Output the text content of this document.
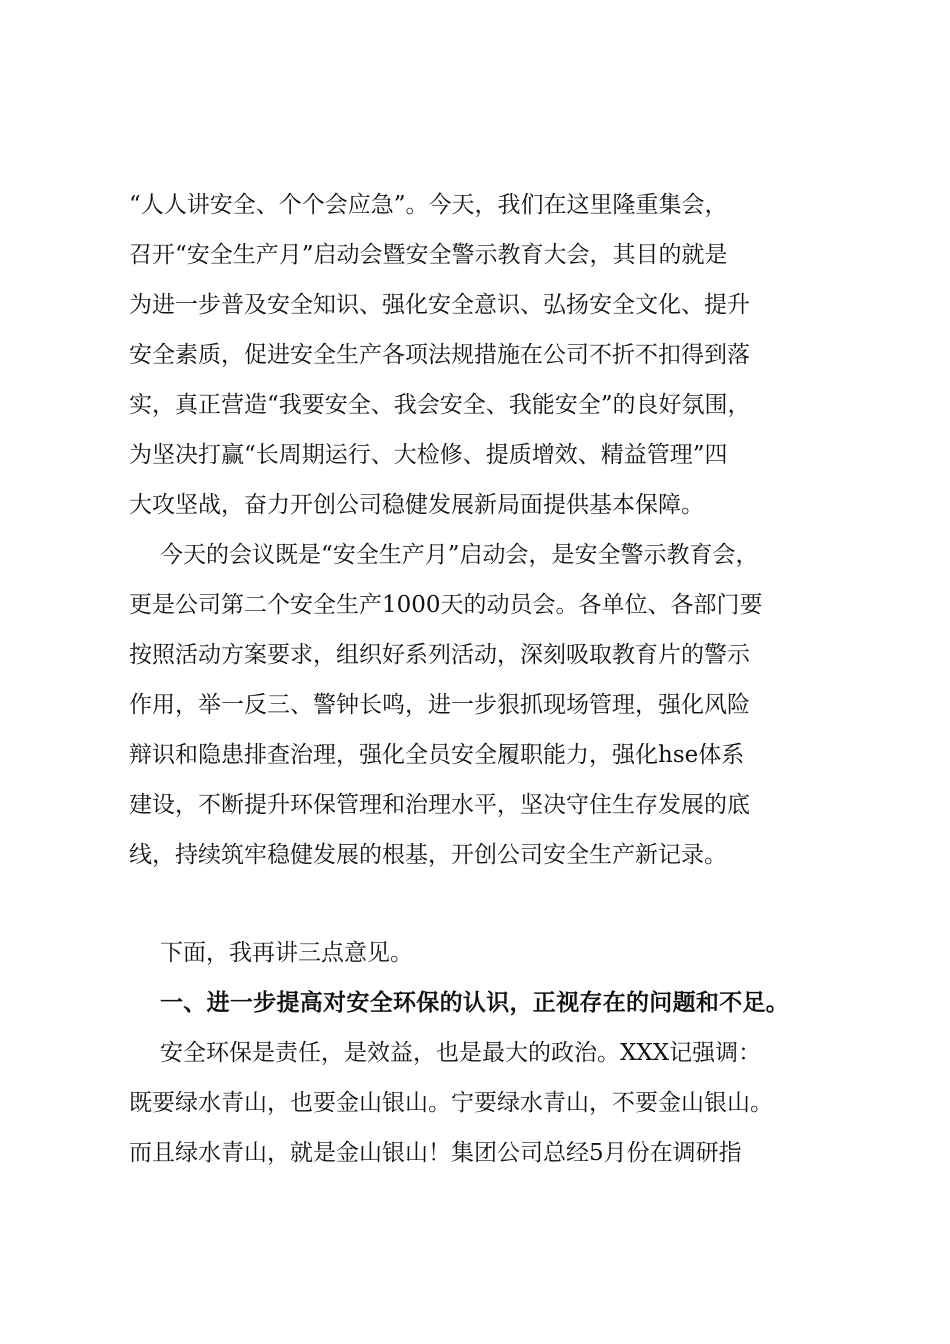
“人人讲安全、个个会应急”。今天，我们在这里隆重集会，
召开“安全生产月”启动会暨安全警示教育大会，其目的就是
为进一步普及安全知识、强化安全意识、弘扬安全文化、提升
安全素质，促进安全生产各项法规措施在公司不折不扣得到落
实，真正营造“我要安全、我会安全、我能安全”的良好氛围，
为坚决打赢“长周期运行、大检修、提质增效、精益管理”四
大攻坚战，奋力开创公司稳健发展新局面提供基本保障。
今天的会议既是“安全生产月”启动会，是安全警示教育会，
更是公司第二个安全生产1000天的动员会。各单位、各部门要
按照活动方案要求，组织好系列活动，深刻吸取教育片的警示
作用，举一反三、警钟长鸣，进一步狠抓现场管理，强化风险
辩识和隐患排查治理，强化全员安全履职能力，强化hse体系
建设，不断提升环保管理和治理水平，坚决守住生存发展的底
线，持续筑牢稳健发展的根基，开创公司安全生产新记录。
下面，我再讲三点意见。
一、进一步提高对安全环保的认识，正视存在的问题和不足。
安全环保是责任，是效益，也是最大的政治。XXX记强调：
既要绿水青山，也要金山银山。宁要绿水青山，不要金山银山。
而且绿水青山，就是金山银山！集团公司总经5月份在调研指
